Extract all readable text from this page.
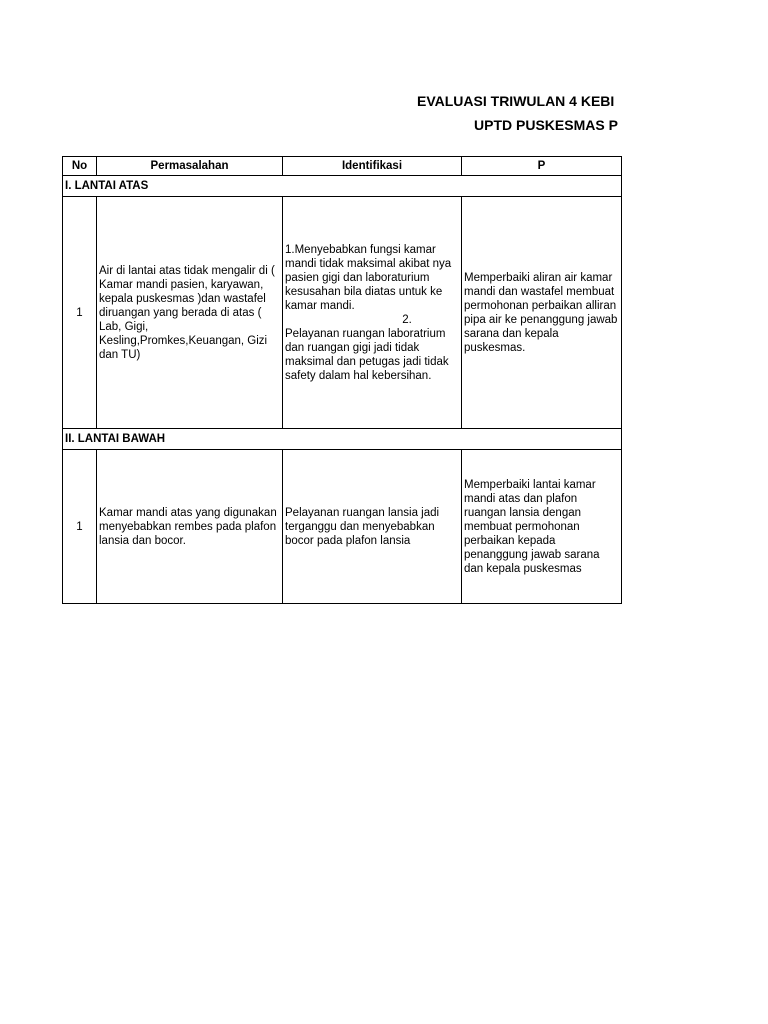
EVALUASI TRIWULAN 4 KEBI
UPTD PUSKESMAS P
No	Permasalahan	Identifikasi	P
I. LANTAI ATAS			
1	Air di lantai atas tidak mengalir di ( Kamar mandi pasien, karyawan, kepala puskesmas )dan wastafel diruangan yang berada di atas ( Lab, Gigi, Kesling,Promkes,Keuangan, Gizi dan TU)	1.Menyebabkan fungsi kamar mandi tidak maksimal akibat nya pasien gigi dan laboraturium kesusahan bila diatas untuk ke kamar mandi.
2.
Pelayanan ruangan laboratrium dan ruangan gigi jadi tidak maksimal dan petugas jadi tidak safety dalam hal kebersihan.	Memperbaiki aliran air kamar mandi dan wastafel membuat permohonan perbaikan alliran pipa air ke penanggung jawab sarana dan kepala puskesmas.
II. LANTAI BAWAH			
1	Kamar mandi atas yang digunakan menyebabkan rembes pada plafon lansia dan bocor.	Pelayanan ruangan lansia jadi terganggu dan menyebabkan bocor pada plafon lansia	Memperbaiki lantai kamar mandi atas dan plafon ruangan lansia dengan membuat permohonan perbaikan kepada penanggung jawab sarana dan kepala puskesmas
